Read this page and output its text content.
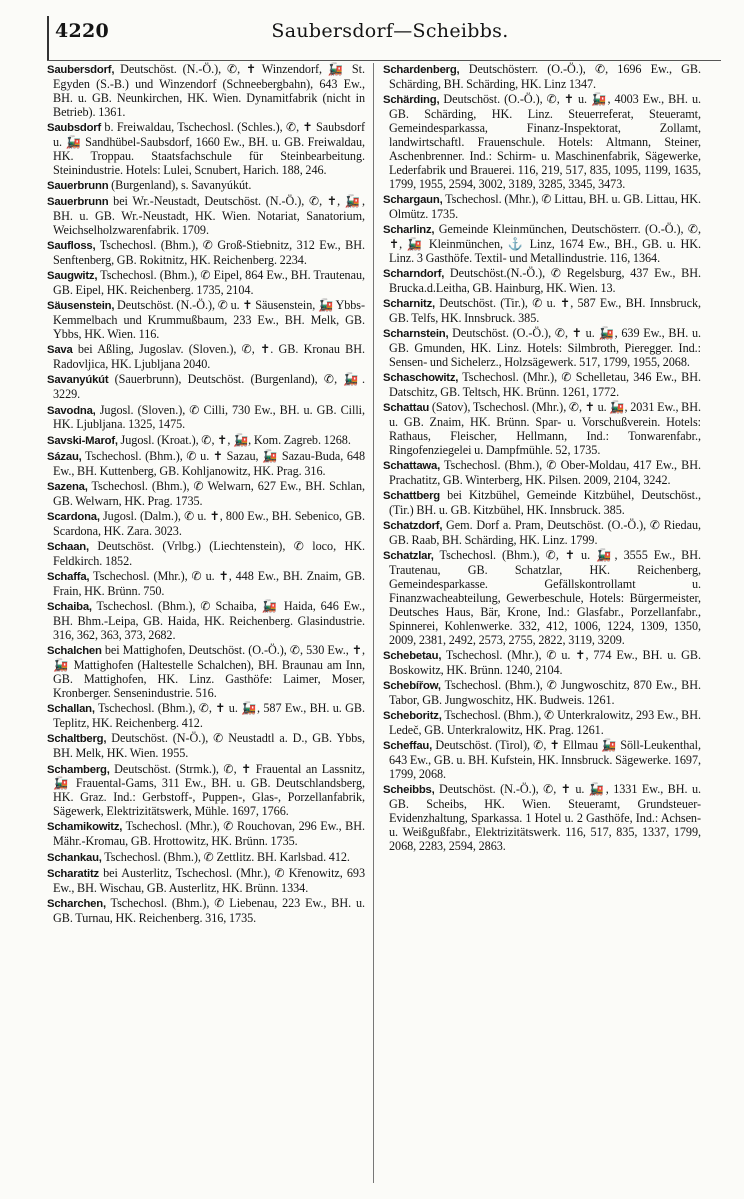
4220	Saubersdorf—Scheibbs.
Saubersdorf, Deutschöst. (N.-Ö.), ✆, ✝ Winzendorf, 🚂 St. Egyden (S.-B.) und Winzendorf (Schneebergbahn), 643 Ew., BH. u. GB. Neunkirchen, HK. Wien. Dynamitfabrik (nicht in Betrieb). 1361.
Saubsdorf b. Freiwaldau, Tschechosl. (Schles.), ✆, ✝ Saubsdorf u. 🚂 Sandhübel-Saubsdorf, 1660 Ew., BH. u. GB. Freiwaldau, HK. Troppau. Staatsfachschule für Steinbearbeitung. Steinindustrie. Hotels: Lulei, Scnubert, Harich. 188, 246.
Sauerbrunn (Burgenland), s. Savanyúkút.
Sauerbrunn bei Wr.-Neustadt, Deutschöst. (N.-Ö.), ✆, ✝, 🚂, BH. u. GB. Wr.-Neustadt, HK. Wien. Notariat, Sanatorium, Weichselholzwarenfabrik. 1709.
Saufloss, Tschechosl. (Bhm.), ✆ Groß-Stiebnitz, 312 Ew., BH. Senftenberg, GB. Rokitnitz, HK. Reichenberg. 2234.
Saugwitz, Tschechosl. (Bhm.), ✆ Eipel, 864 Ew., BH. Trautenau, GB. Eipel, HK. Reichenberg. 1735, 2104.
Säusenstein, Deutschöst. (N.-Ö.), ✆ u. ✝ Säusenstein, 🚂 Ybbs-Kemmelbach und Krummußbaum, 233 Ew., BH. Melk, GB. Ybbs, HK. Wien. 116.
Sava bei Aßling, Jugoslav. (Sloven.), ✆, ✝. GB. Kronau BH. Radovljica, HK. Ljubljana 2040.
Savanyúkút (Sauerbrunn), Deutschöst. (Burgenland), ✆, 🚂. 3229.
Savodna, Jugosl. (Sloven.), ✆ Cilli, 730 Ew., BH. u. GB. Cilli, HK. Ljubljana. 1325, 1475.
Savski-Marof, Jugosl. (Kroat.), ✆, ✝, 🚂, Kom. Zagreb. 1268.
Sázau, Tschechosl. (Bhm.), ✆ u. ✝ Sazau, 🚂 Sazau-Buda, 648 Ew., BH. Kuttenberg, GB. Kohljanowitz, HK. Prag. 316.
Sazena, Tschechosl. (Bhm.), ✆ Welwarn, 627 Ew., BH. Schlan, GB. Welwarn, HK. Prag. 1735.
Scardona, Jugosl. (Dalm.), ✆ u. ✝, 800 Ew., BH. Sebenico, GB. Scardona, HK. Zara. 3023.
Schaan, Deutschöst. (Vrlbg.) (Liechtenstein), ✆ loco, HK. Feldkirch. 1852.
Schaffa, Tschechosl. (Mhr.), ✆ u. ✝, 448 Ew., BH. Znaim, GB. Frain, HK. Brünn. 750.
Schaiba, Tschechosl. (Bhm.), ✆ Schaiba, 🚂 Haida, 646 Ew., BH. Bhm.-Leipa, GB. Haida, HK. Reichenberg. Glasindustrie. 316, 362, 363, 373, 2682.
Schalchen bei Mattighofen, Deutschöst. (O.-Ö.), ✆, 530 Ew., ✝, 🚂 Mattighofen (Haltestelle Schalchen), BH. Braunau am Inn, GB. Mattighofen, HK. Linz. Gasthöfe: Laimer, Moser, Kronberger. Sensenindustrie. 516.
Schallan, Tschechosl. (Bhm.), ✆, ✝ u. 🚂, 587 Ew., BH. u. GB. Teplitz, HK. Reichenberg. 412.
Schaltberg, Deutschöst. (N-Ö.), ✆ Neustadtl a. D., GB. Ybbs, BH. Melk, HK. Wien. 1955.
Schamberg, Deutschöst. (Strmk.), ✆, ✝ Frauental an Lassnitz, 🚂 Frauental-Gams, 311 Ew., BH. u. GB. Deutschlandsberg, HK. Graz. Ind.: Gerbstoff-, Puppen-, Glas-, Porzellanfabrik, Sägewerk, Elektrizitätswerk, Mühle. 1697, 1766.
Schamikowitz, Tschechosl. (Mhr.), ✆ Rouchovan, 296 Ew., BH. Mähr.-Kromau, GB. Hrottowitz, HK. Brünn. 1735.
Schankau, Tschechosl. (Bhm.), ✆ Zettlitz. BH. Karlsbad. 412.
Scharatitz bei Austerlitz, Tschechosl. (Mhr.), ✆ Křenowitz, 693 Ew., BH. Wischau, GB. Austerlitz, HK. Brünn. 1334.
Scharchen, Tschechosl. (Bhm.), ✆ Liebenau, 223 Ew., BH. u. GB. Turnau, HK. Reichenberg. 316, 1735.
Schardenberg, Deutschösterr. (O.-Ö.), ✆, 1696 Ew., GB. Schärding, BH. Schärding, HK. Linz 1347.
Schärding, Deutschöst. (O.-Ö.), ✆, ✝ u. 🚂, 4003 Ew., BH. u. GB. Schärding, HK. Linz. Steuerreferat, Steueramt, Gemeindesparkassa, Finanz-Inspektorat, Zollamt, landwirtschaftl. Frauenschule. Hotels: Altmann, Steiner, Aschenbrenner. Ind.: Schirm- u. Maschinenfabrik, Sägewerke, Lederfabrik und Brauerei. 116, 219, 517, 835, 1095, 1199, 1635, 1799, 1955, 2594, 3002, 3189, 3285, 3345, 3473.
Schargaun, Tschechosl. (Mhr.), ✆ Littau, BH. u. GB. Littau, HK. Olmütz. 1735.
Scharlinz, Gemeinde Kleinmünchen, Deutschösterr. (O.-Ö.), ✆, ✝, 🚂 Kleinmünchen, ⚓ Linz, 1674 Ew., BH., GB. u. HK. Linz. 3 Gasthöfe. Textil- und Metallindustrie. 116, 1364.
Scharndorf, Deutschöst.(N.-Ö.), ✆ Regelsburg, 437 Ew., BH. Brucka.d.Leitha, GB. Hainburg, HK. Wien. 13.
Scharnitz, Deutschöst. (Tir.), ✆ u. ✝, 587 Ew., BH. Innsbruck, GB. Telfs, HK. Innsbruck. 385.
Scharnstein, Deutschöst. (O.-Ö.), ✆, ✝ u. 🚂, 639 Ew., BH. u. GB. Gmunden, HK. Linz. Hotels: Silmbroth, Pieregger. Ind.: Sensen- und Sichelerz., Holzsägewerk. 517, 1799, 1955, 2068.
Schaschowitz, Tschechosl. (Mhr.), ✆ Schelletau, 346 Ew., BH. Datschitz, GB. Teltsch, HK. Brünn. 1261, 1772.
Schattau (Satov), Tschechosl. (Mhr.), ✆, ✝ u. 🚂, 2031 Ew., BH. u. GB. Znaim, HK. Brünn. Spar- u. Vorschußverein. Hotels: Rathaus, Fleischer, Hellmann, Ind.: Tonwarenfabr., Ringofenziegelei u. Dampfmühle. 52, 1735.
Schattawa, Tschechosl. (Bhm.), ✆ Ober-Moldau, 417 Ew., BH. Prachatitz, GB. Winterberg, HK. Pilsen. 2009, 2104, 3242.
Schattberg bei Kitzbühel, Gemeinde Kitzbühel, Deutschöst., (Tir.) BH. u. GB. Kitzbühel, HK. Innsbruck. 385.
Schatzdorf, Gem. Dorf a. Pram, Deutschöst. (O.-Ö.), ✆ Riedau, GB. Raab, BH. Schärding, HK. Linz. 1799.
Schatzlar, Tschechosl. (Bhm.), ✆, ✝ u. 🚂, 3555 Ew., BH. Trautenau, GB. Schatzlar, HK. Reichenberg, Gemeindesparkasse. Gefällskontrollamt u. Finanzwacheabteilung, Gewerbeschule, Hotels: Bürgermeister, Deutsches Haus, Bär, Krone, Ind.: Glasfabr., Porzellanfabr., Spinnerei, Kohlenwerke. 332, 412, 1006, 1224, 1309, 1350, 2009, 2381, 2492, 2573, 2755, 2822, 3119, 3209.
Schebetau, Tschechosl. (Mhr.), ✆ u. ✝, 774 Ew., BH. u. GB. Boskowitz, HK. Brünn. 1240, 2104.
Schebířow, Tschechosl. (Bhm.), ✆ Jungwoschitz, 870 Ew., BH. Tabor, GB. Jungwoschitz, HK. Budweis. 1261.
Scheboritz, Tschechosl. (Bhm.), ✆ Unterkralowitz, 293 Ew., BH. Ledeč, GB. Unterkralowitz, HK. Prag. 1261.
Scheffau, Deutschöst. (Tirol), ✆, ✝ Ellmau 🚂 Söll-Leukenthal, 643 Ew., GB. u. BH. Kufstein, HK. Innsbruck. Sägewerke. 1697, 1799, 2068.
Scheibbs, Deutschöst. (N.-Ö.), ✆, ✝ u. 🚂, 1331 Ew., BH. u. GB. Scheibs, HK. Wien. Steueramt, Grundsteuer-Evidenzhaltung, Sparkassa. 1 Hotel u. 2 Gasthöfe, Ind.: Achsen- u. Weißgußfabr., Elektrizitätswerk. 116, 517, 835, 1337, 1799, 2068, 2283, 2594, 2863.
